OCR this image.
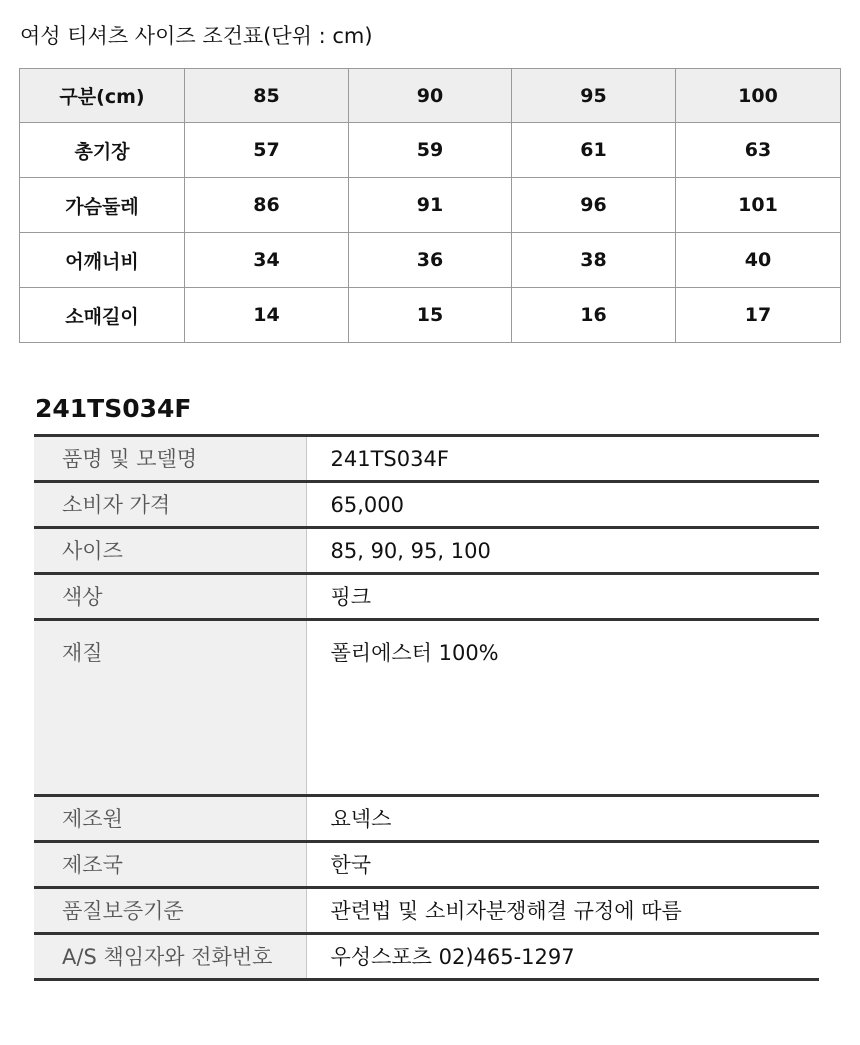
여성 티셔츠 사이즈 조건표(단위 : cm)
구분(cm)	85	90	95	100
총기장	57	59	61	63
가슴둘레	86	91	96	101
어깨너비	34	36	38	40
소매길이	14	15	16	17
241TS034F
품명 및 모델명	241TS034F
소비자 가격	65,000
사이즈	85, 90, 95, 100
색상	핑크
재질	폴리에스터 100%
제조원	요넥스
제조국	한국
품질보증기준	관련법 및 소비자분쟁해결 규정에 따름
A/S 책임자와 전화번호	우성스포츠 02)465-1297
